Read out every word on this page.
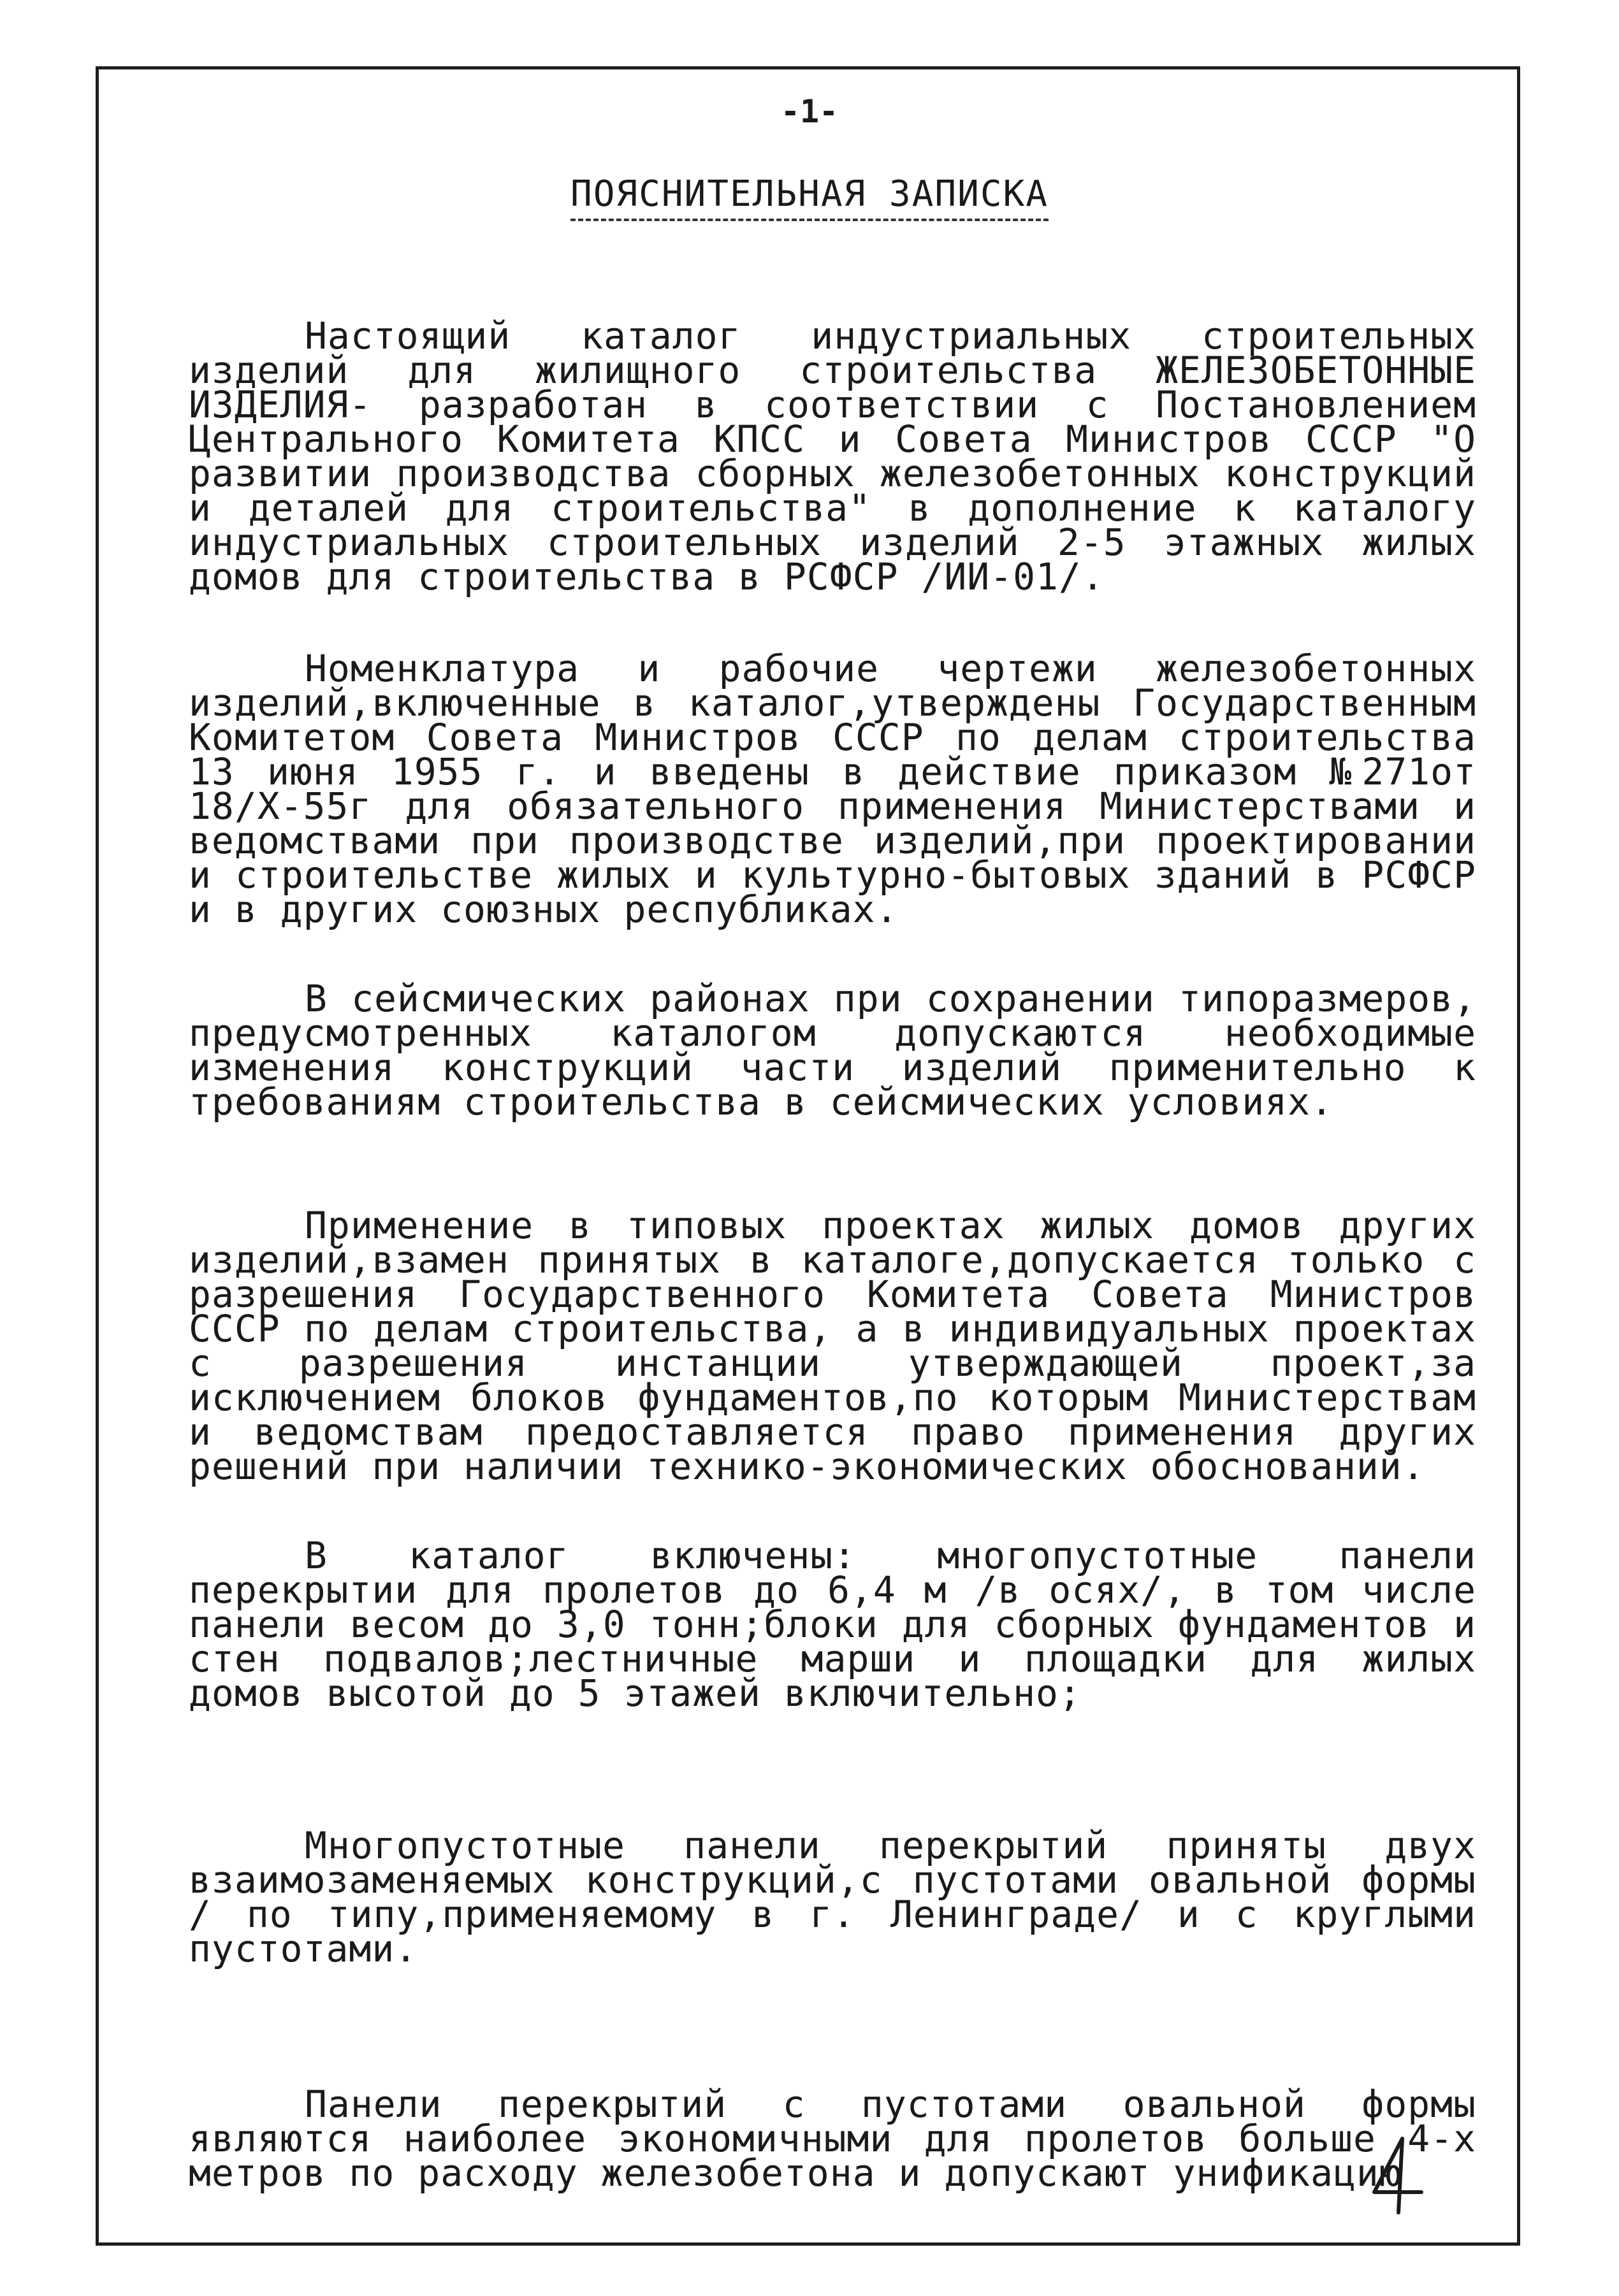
-1-
ПОЯСНИТЕЛЬНАЯ ЗАПИСКА

Настоящий каталог индустриальных строительных изделий для жилищного строительства ЖЕЛЕЗОБЕТОННЫЕ ИЗДЕЛИЯ- разработан в соответствии с Постановлением Центрального Комитета КПСС и Совета Министров СССР "О развитии производства сборных железобетонных конструкций и деталей для строительства" в дополнение к каталогу индустриальных строительных изделий 2-5 этажных жилых домов для строительства в РСФСР /ИИ-01/.

Номенклатура и рабочие чертежи железобетонных изделий,включенные в каталог,утверждены Государственным Комитетом Совета Министров СССР по делам строительства 13 июня 1955 г. и введены в действие приказом №271от 18/X-55г для обязательного применения Министерствами и ведомствами при производстве изделий,при проектировании и строительстве жилых и культурно-бытовых зданий в РСФСР и в других союзных республиках.

В сейсмических районах при сохранении типоразмеров, предусмотренных каталогом допускаются необходимые изменения конструкций части изделий применительно к требованиям строительства в сейсмических условиях.

Применение в типовых проектах жилых домов других изделий,взамен принятых в каталоге,допускается только с разрешения Государственного Комитета Совета Министров СССР по делам строительства, а в индивидуальных проектах с разрешения инстанции утверждающей проект,за исключением блоков фундаментов,по которым Министерствам и ведомствам предоставляется право применения других решений при наличии технико-экономических обоснований.

В каталог включены: многопустотные панели перекрытии для пролетов до 6,4 м /в осях/, в том числе панели весом до 3,0 тонн;блоки для сборных фундаментов и стен подвалов;лестничные марши и площадки для жилых домов высотой до 5 этажей включительно;

Многопустотные панели перекрытий приняты двух взаимозаменяемых конструкций,с пустотами овальной формы / по типу,применяемому в г. Ленинграде/ и с круглыми пустотами.

Панели перекрытий с пустотами овальной формы являются наиболее экономичными для пролетов больше 4-х метров по расходу железобетона и допускают унификацию
